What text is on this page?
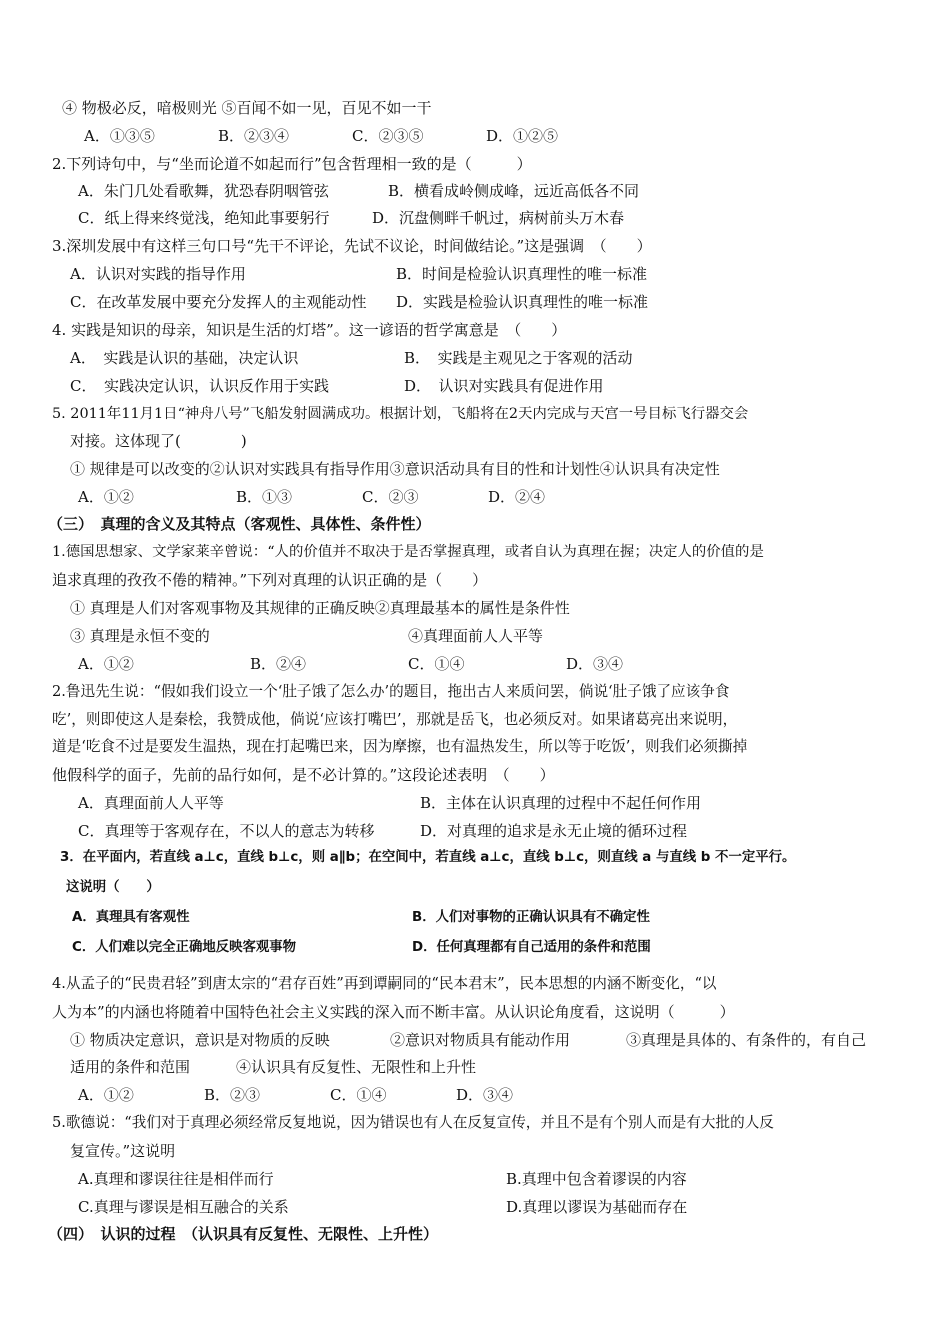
④ 物极必反，喑极则光 ⑤百闻不如一见，百见不如一干
A．①③⑤	B．②③④	C．②③⑤	D．①②⑤
2.下列诗句中，与“坐而论道不如起而行”包含哲理相一致的是（　　　）
A．朱门几处看歌舞，犹恐春阴咽管弦	B．横看成岭侧成峰，远近高低各不同
C．纸上得来终觉浅，绝知此事要躬行	D．沉盘侧畔千帆过，病树前头万木春
3.深圳发展中有这样三句口号“先干不评论，先试不议论，时间做结论。”这是强调　（　　）
A．认识对实践的指导作用	B．时间是检验认识真理性的唯一标准
C．在改革发展中要充分发挥人的主观能动性 D．实践是检验认识真理性的唯一标准
4. 实践是知识的母亲，知识是生活的灯塔”。这一谚语的哲学寓意是　（　　）
A．　实践是认识的基础，决定认识	B．　实践是主观见之于客观的活动
C．　实践决定认识，认识反作用于实践	D．　认识对实践具有促进作用
5. 2011年11月1日“神舟八号”飞船发射圆满成功。根据计划，飞船将在2天内完成与天宫一号目标飞行器交会
对接。这体现了(　　　　)
① 规律是可以改变的②认识对实践具有指导作用③意识活动具有目的性和计划性④认识具有决定性
A．①②	B．①③	C．②③	D．②④
（三）　真理的含义及其特点（客观性、具体性、条件性）
1.德国思想家、文学家莱辛曾说：“人的价值并不取决于是否掌握真理，或者自认为真理在握；决定人的价值的是
追求真理的孜孜不倦的精神。”下列对真理的认识正确的是（　　）
① 真理是人们对客观事物及其规律的正确反映②真理最基本的属性是条件性
③ 真理是永恒不变的	④真理面前人人平等
A．①②	B．②④	C．①④	D．③④
2.鲁迅先生说：“假如我们设立一个‘肚子饿了怎么办’的题目，拖出古人来质问罢，倘说‘肚子饿了应该争食
吃’，则即使这人是秦桧，我赞成他，倘说‘应该打嘴巴’，那就是岳飞，也必须反对。如果诸葛亮出来说明，
道是‘吃食不过是要发生温热，现在打起嘴巴来，因为摩擦，也有温热发生，所以等于吃饭’，则我们必须撕掉
他假科学的面子，先前的品行如何，是不必计算的。”这段论述表明　（　　）
A．真理面前人人平等	B．主体在认识真理的过程中不起任何作用
C．真理等于客观存在，不以人的意志为转移	D．对真理的追求是永无止境的循环过程
3．在平面内，若直线 a⊥c，直线 b⊥c，则 a∥b；在空间中，若直线 a⊥c，直线 b⊥c，则直线 a 与直线 b 不一定平行。
这说明（　　）
A．真理具有客观性	B．人们对事物的正确认识具有不确定性
C．人们难以完全正确地反映客观事物	D．任何真理都有自己适用的条件和范围
4.从孟子的“民贵君轻”到唐太宗的“君存百姓”再到谭嗣同的“民本君末”，民本思想的内涵不断变化，“以
人为本”的内涵也将随着中国特色社会主义实践的深入而不断丰富。从认识论角度看，这说明（　　　）
① 物质决定意识，意识是对物质的反映	②意识对物质具有能动作用	③真理是具体的、有条件的，有自己
适用的条件和范围	④认识具有反复性、无限性和上升性
A．①②	B．②③	C．①④	D．③④
5.歌德说：“我们对于真理必须经常反复地说，因为错误也有人在反复宣传，并且不是有个别人而是有大批的人反
复宣传。”这说明
A.真理和谬误往往是相伴而行	B.真理中包含着谬误的内容
C.真理与谬误是相互融合的关系	D.真理以谬误为基础而存在
（四）　认识的过程　（认识具有反复性、无限性、上升性）
